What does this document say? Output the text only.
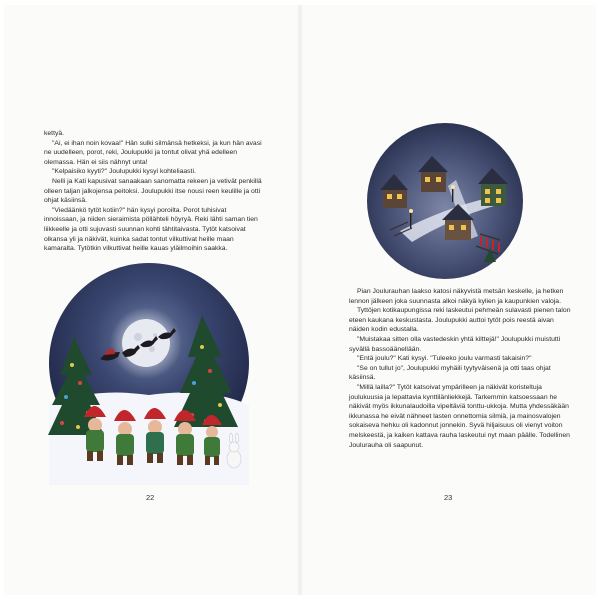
kettyä.

"Ai, ei ihan noin kovaa!" Hän sulki silmänsä hetkeksi, ja kun hän avasi ne uudelleen, porot, reki, Joulupukki ja tontut olivat yhä edelleen olemassa. Hän ei siis nähnyt unta!

"Kelpaisiko kyyti?" Joulupukki kysyi kohteliaasti.

Nelli ja Kati kapusivat sanaakaan sanomatta rekeen ja vetivät penkillä olleen taljan jalkojensa peitoksi. Joulupukki itse nousi reen keulille ja otti ohjat käsiinsä.

"Viedäänkö tytöt kotiin?" hän kysyi poroilta. Porot tuhisivat innoissaan, ja niiden sieraimista pöllähteli höyryä. Reki lähti saman tien liikkeelle ja otti sujuvasti suunnan kohti tähtitaivasta. Tytöt katsoivat olkansa yli ja näkivät, kuinka sadat tontut vilkuttivat heille maan kamaralta. Tytötkin vilkuttivat heille kauas yläilmoihin saakka.

22

Pian Joulurauhan laakso katosi näkyvistä metsän keskelle, ja hetken lennon jälkeen joka suunnasta alkoi näkyä kylien ja kaupunkien valoja.

Tyttöjen kotikaupungissa reki laskeutui pehmeän sulavasti pienen talon eteen kaukana keskustasta. Joulupukki auttoi tytöt pois reestä aivan näiden kodin edustalla.

"Muistakaa sitten olla vastedeskin yhtä kilttejä!" Joulupukki muistutti syvällä bassoäänellään.

"Entä joulu?" Kati kysyi. "Tuleeko joulu varmasti takaisin?"

"Se on tullut jo", Joulupukki myhäili tyytyväisenä ja otti taas ohjat käsiinsä.

"Millä lailla?" Tytöt katsoivat ympärilleen ja näkivät koristeltuja joulukuusia ja lepattavia kynttilänliekkejä. Tarkemmin katsoessaan he näkivät myös ikkunalaudoilla vipeltäviä tonttu-ukkoja. Mutta yhdessäkään ikkunassa he eivät nähneet lasten onnettomia silmiä, ja mainosvalojen sokaiseva hehku oli kadonnut jonnekin. Syvä hiljaisuus oli vienyt voiton melskeestä, ja kaiken kattava rauha laskeutui nyt maan päälle. Todellinen Joulurauha oli saapunut.

23
